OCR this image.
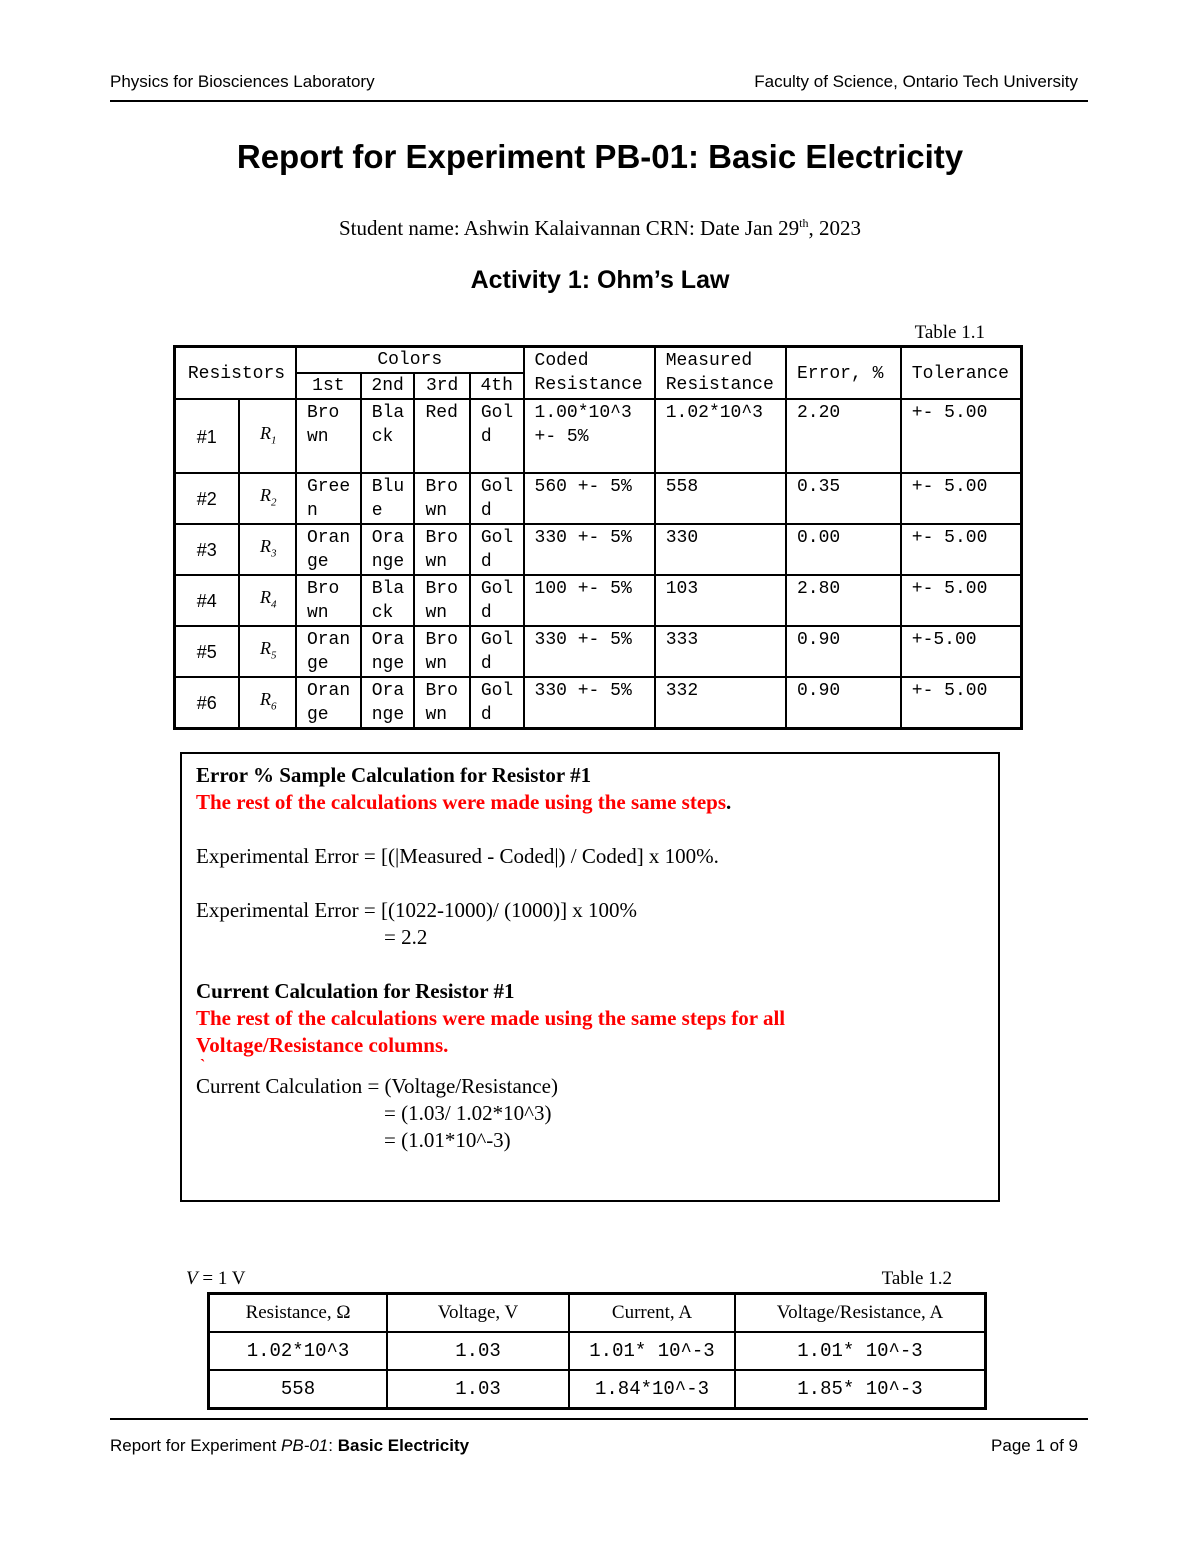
Physics for Biosciences Laboratory	Faculty of Science, Ontario Tech University
Report for Experiment PB-01: Basic Electricity
Student name: Ashwin Kalaivannan CRN: Date Jan 29th, 2023
Activity 1: Ohm’s Law
Table 1.1
Resistors		Colors				Coded Resistance	Measured Resistance	Error, %	Tolerance
		1st	2nd	3rd	4th				
#1	$R_1$	Bro wn	Bla ck	Red	Gol d	1.00*10^3 +- 5%	1.02*10^3	2.20	+- 5.00
#2	$R_2$	Gree n	Blu e	Bro wn	Gol d	560 +- 5%	558	0.35	+- 5.00
#3	$R_3$	Oran ge	Ora nge	Bro wn	Gol d	330 +- 5%	330	0.00	+- 5.00
#4	$R_4$	Bro wn	Bla ck	Bro wn	Gol d	100 +- 5%	103	2.80	+- 5.00
#5	$R_5$	Oran ge	Ora nge	Bro wn	Gol d	330 +- 5%	333	0.90	+-5.00
#6	$R_6$	Oran ge	Ora nge	Bro wn	Gol d	330 +- 5%	332	0.90	+- 5.00
Error % Sample Calculation for Resistor #1
The rest of the calculations were made using the same steps.
Experimental Error = [(|Measured - Coded|) / Coded] x 100%.
Experimental Error = [(1022-1000)/ (1000)] x 100%
= 2.2
Current Calculation for Resistor #1
The rest of the calculations were made using the same steps for all
Voltage/Resistance columns.
`
Current Calculation = (Voltage/Resistance)
= (1.03/ 1.02*10^3)
= (1.01*10^-3)
V = 1 V	Table 1.2
Resistance, Ω	Voltage, V	Current, A	Voltage/Resistance, A
1.02*10^3	1.03	1.01* 10^-3	1.01* 10^-3
558	1.03	1.84*10^-3	1.85* 10^-3
Report for Experiment PB-01: Basic Electricity	Page 1 of 9
